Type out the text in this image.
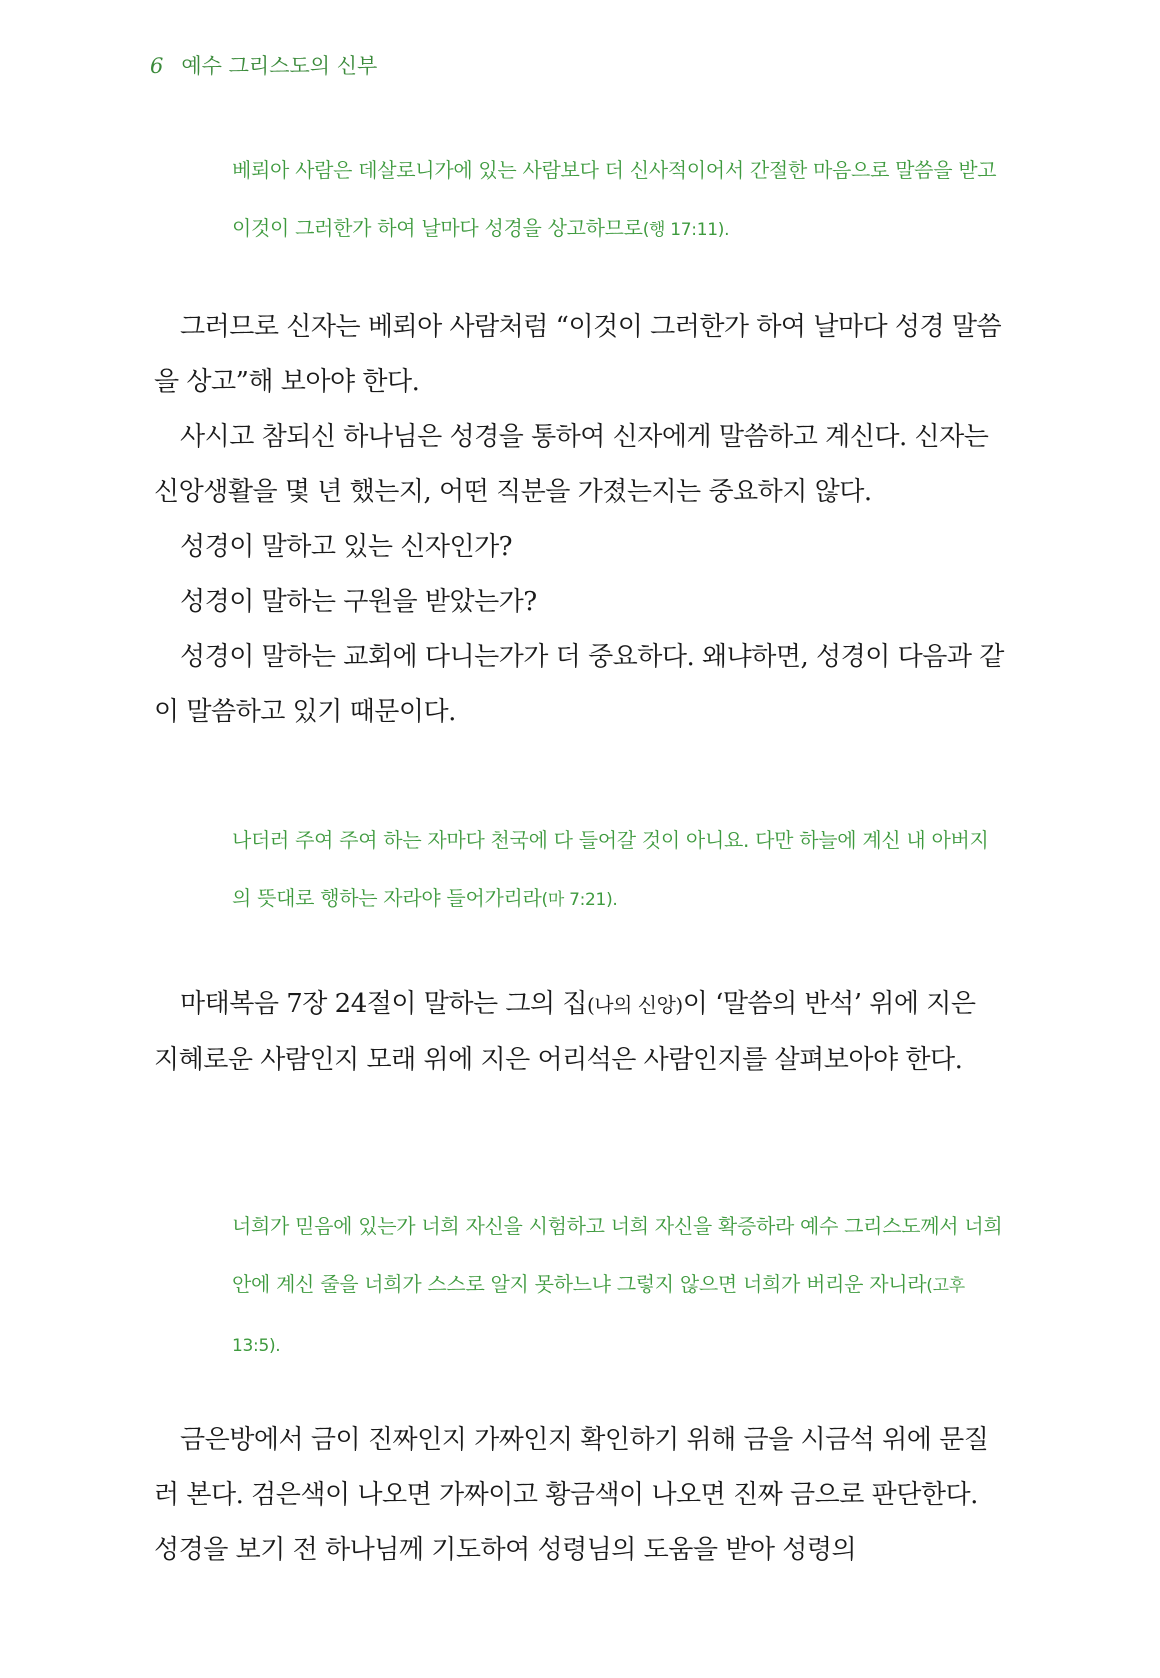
6 예수 그리스도의 신부
베뢰아 사람은 데살로니가에 있는 사람보다 더 신사적이어서 간절한 마음으로 말씀을 받고 이것이 그러한가 하여 날마다 성경을 상고하므로(행 17:11).

그러므로 신자는 베뢰아 사람처럼 “이것이 그러한가 하여 날마다 성경 말씀을 상고”해 보아야 한다.

사시고 참되신 하나님은 성경을 통하여 신자에게 말씀하고 계신다. 신자는 신앙생활을 몇 년 했는지, 어떤 직분을 가졌는지는 중요하지 않다.

성경이 말하고 있는 신자인가?

성경이 말하는 구원을 받았는가?

성경이 말하는 교회에 다니는가가 더 중요하다. 왜냐하면, 성경이 다음과 같이 말씀하고 있기 때문이다.

나더러 주여 주여 하는 자마다 천국에 다 들어갈 것이 아니요. 다만 하늘에 계신 내 아버지의 뜻대로 행하는 자라야 들어가리라(마 7:21).

마태복음 7장 24절이 말하는 그의 집(나의 신앙)이 ‘말씀의 반석’ 위에 지은 지혜로운 사람인지 모래 위에 지은 어리석은 사람인지를 살펴보아야 한다.

너희가 믿음에 있는가 너희 자신을 시험하고 너희 자신을 확증하라 예수 그리스도께서 너희 안에 계신 줄을 너희가 스스로 알지 못하느냐 그렇지 않으면 너희가 버리운 자니라(고후 13:5).

금은방에서 금이 진짜인지 가짜인지 확인하기 위해 금을 시금석 위에 문질러 본다. 검은색이 나오면 가짜이고 황금색이 나오면 진짜 금으로 판단한다. 성경을 보기 전 하나님께 기도하여 성령님의 도움을 받아 성령의
